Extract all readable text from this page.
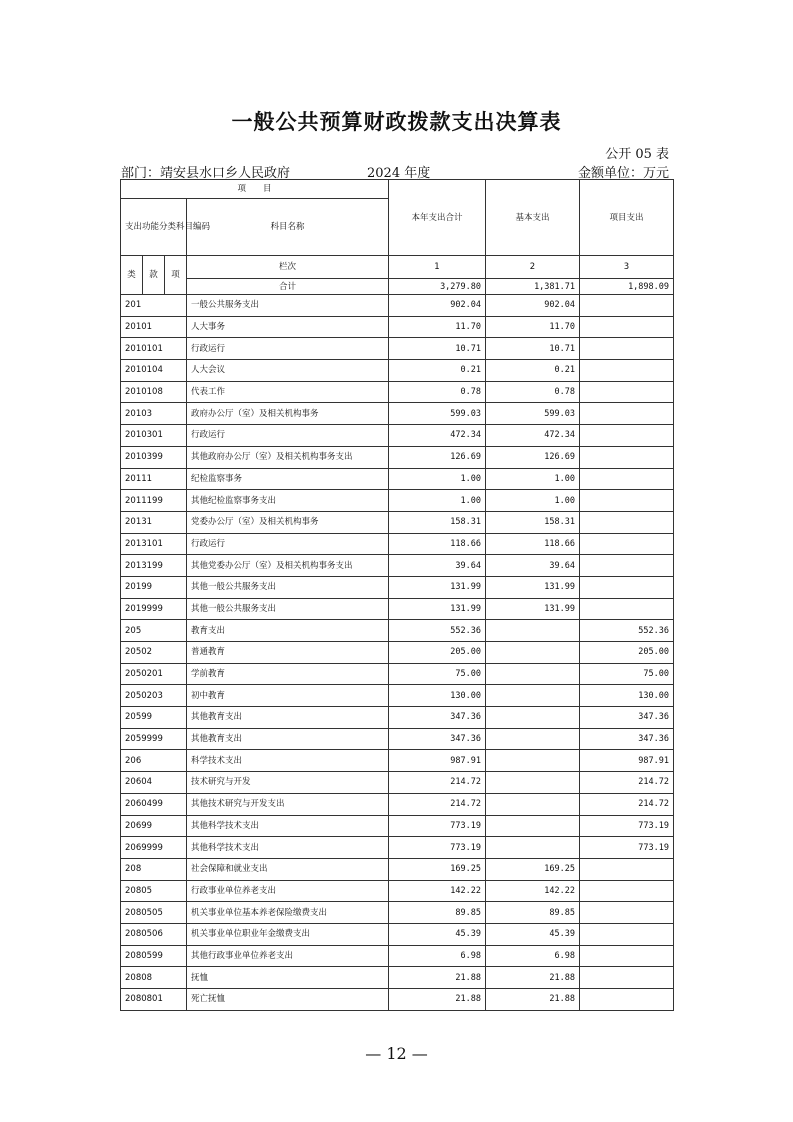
一般公共预算财政拨款支出决算表
公开 05 表
部门：靖安县水口乡人民政府	2024 年度	金额单位：万元
项　　目				本年支出合计	基本支出	项目支出
支出功能分类科目编码			科目名称			
类	款	项	栏次	1	2	3
			合计	3,279.80	1,381.71	1,898.09
201			一般公共服务支出	902.04	902.04	
20101			人大事务	11.70	11.70	
2010101			行政运行	10.71	10.71	
2010104			人大会议	0.21	0.21	
2010108			代表工作	0.78	0.78	
20103			政府办公厅（室）及相关机构事务	599.03	599.03	
2010301			行政运行	472.34	472.34	
2010399			其他政府办公厅（室）及相关机构事务支出	126.69	126.69	
20111			纪检监察事务	1.00	1.00	
2011199			其他纪检监察事务支出	1.00	1.00	
20131			党委办公厅（室）及相关机构事务	158.31	158.31	
2013101			行政运行	118.66	118.66	
2013199			其他党委办公厅（室）及相关机构事务支出	39.64	39.64	
20199			其他一般公共服务支出	131.99	131.99	
2019999			其他一般公共服务支出	131.99	131.99	
205			教育支出	552.36		552.36
20502			普通教育	205.00		205.00
2050201			学前教育	75.00		75.00
2050203			初中教育	130.00		130.00
20599			其他教育支出	347.36		347.36
2059999			其他教育支出	347.36		347.36
206			科学技术支出	987.91		987.91
20604			技术研究与开发	214.72		214.72
2060499			其他技术研究与开发支出	214.72		214.72
20699			其他科学技术支出	773.19		773.19
2069999			其他科学技术支出	773.19		773.19
208			社会保障和就业支出	169.25	169.25	
20805			行政事业单位养老支出	142.22	142.22	
2080505			机关事业单位基本养老保险缴费支出	89.85	89.85	
2080506			机关事业单位职业年金缴费支出	45.39	45.39	
2080599			其他行政事业单位养老支出	6.98	6.98	
20808			抚恤	21.88	21.88	
2080801			死亡抚恤	21.88	21.88	
— 12 —
